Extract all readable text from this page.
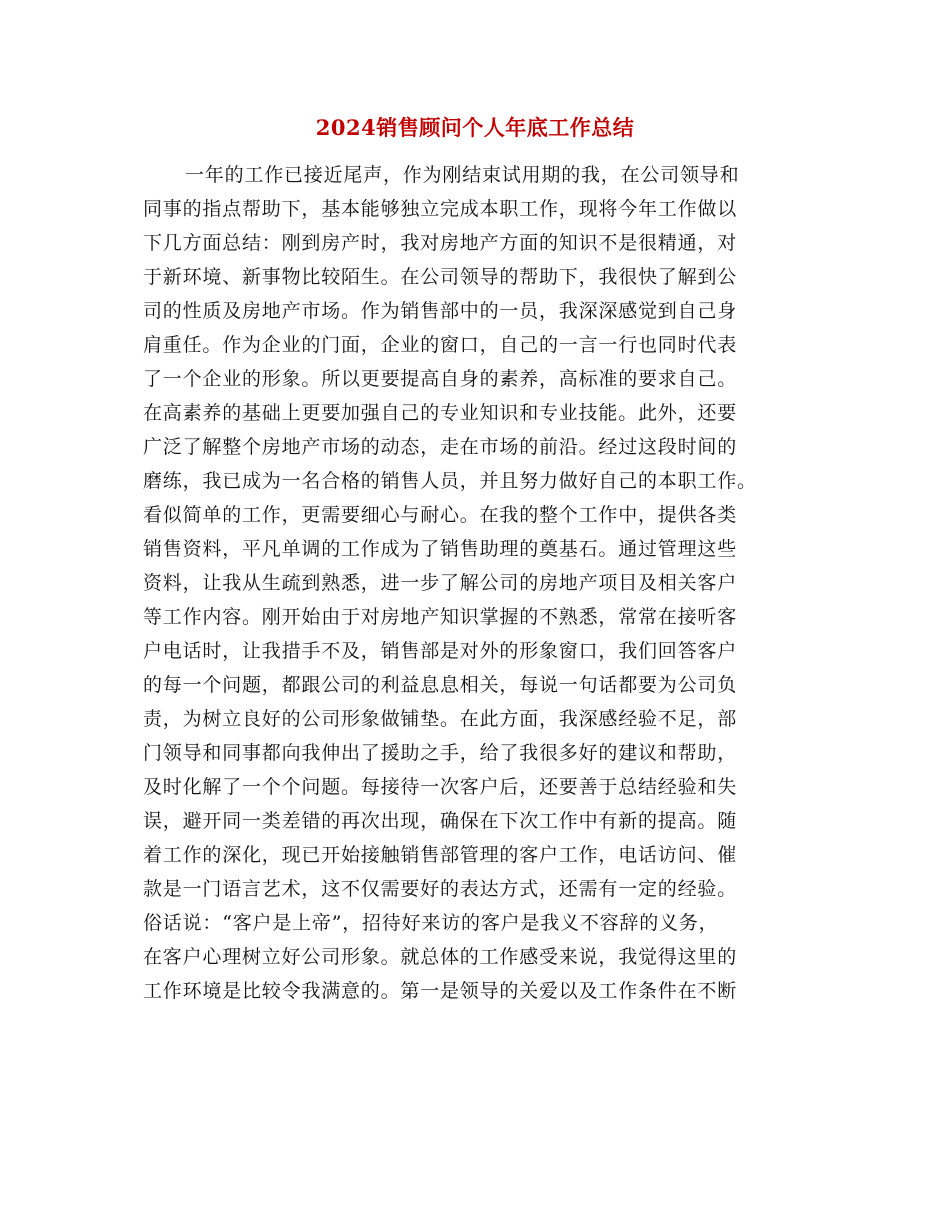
2024销售顾问个人年底工作总结
一年的工作已接近尾声，作为刚结束试用期的我，在公司领导和
同事的指点帮助下，基本能够独立完成本职工作，现将今年工作做以
下几方面总结：刚到房产时，我对房地产方面的知识不是很精通，对
于新环境、新事物比较陌生。在公司领导的帮助下，我很快了解到公
司的性质及房地产市场。作为销售部中的一员，我深深感觉到自己身
肩重任。作为企业的门面，企业的窗口，自己的一言一行也同时代表
了一个企业的形象。所以更要提高自身的素养，高标准的要求自己。
在高素养的基础上更要加强自己的专业知识和专业技能。此外，还要
广泛了解整个房地产市场的动态，走在市场的前沿。经过这段时间的
磨练，我已成为一名合格的销售人员，并且努力做好自己的本职工作。
看似简单的工作，更需要细心与耐心。在我的整个工作中，提供各类
销售资料，平凡单调的工作成为了销售助理的奠基石。通过管理这些
资料，让我从生疏到熟悉，进一步了解公司的房地产项目及相关客户
等工作内容。刚开始由于对房地产知识掌握的不熟悉，常常在接听客
户电话时，让我措手不及，销售部是对外的形象窗口，我们回答客户
的每一个问题，都跟公司的利益息息相关，每说一句话都要为公司负
责，为树立良好的公司形象做铺垫。在此方面，我深感经验不足，部
门领导和同事都向我伸出了援助之手，给了我很多好的建议和帮助，
及时化解了一个个问题。每接待一次客户后，还要善于总结经验和失
误，避开同一类差错的再次出现，确保在下次工作中有新的提高。随
着工作的深化，现已开始接触销售部管理的客户工作，电话访问、催
款是一门语言艺术，这不仅需要好的表达方式，还需有一定的经验。
俗话说：“客户是上帝”，招待好来访的客户是我义不容辞的义务，
在客户心理树立好公司形象。就总体的工作感受来说，我觉得这里的
工作环境是比较令我满意的。第一是领导的关爱以及工作条件在不断
